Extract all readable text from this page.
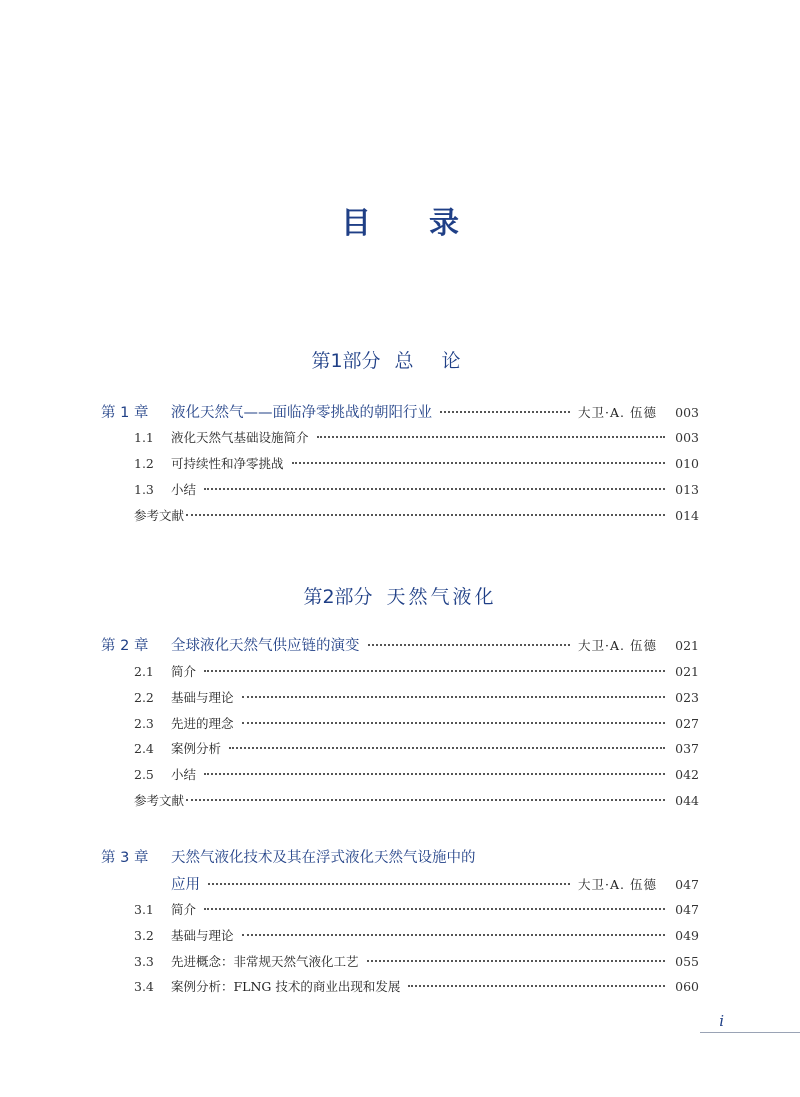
目录
第1部分 总论
第 1 章	液化天然气——面临净零挑战的朝阳行业	大卫·A. 伍德 003
1.1	液化天然气基础设施简介	003
1.2	可持续性和净零挑战	010
1.3	小结	013
参考文献	014
第2部分 天然气液化
第 2 章	全球液化天然气供应链的演变	大卫·A. 伍德 021
2.1	简介	021
2.2	基础与理论	023
2.3	先进的理念	027
2.4	案例分析	037
2.5	小结	042
参考文献	044
第 3 章	天然气液化技术及其在浮式液化天然气设施中的
应用	大卫·A. 伍德 047
3.1	简介	047
3.2	基础与理论	049
3.3	先进概念：非常规天然气液化工艺	055
3.4	案例分析：FLNG 技术的商业出现和发展	060
i
